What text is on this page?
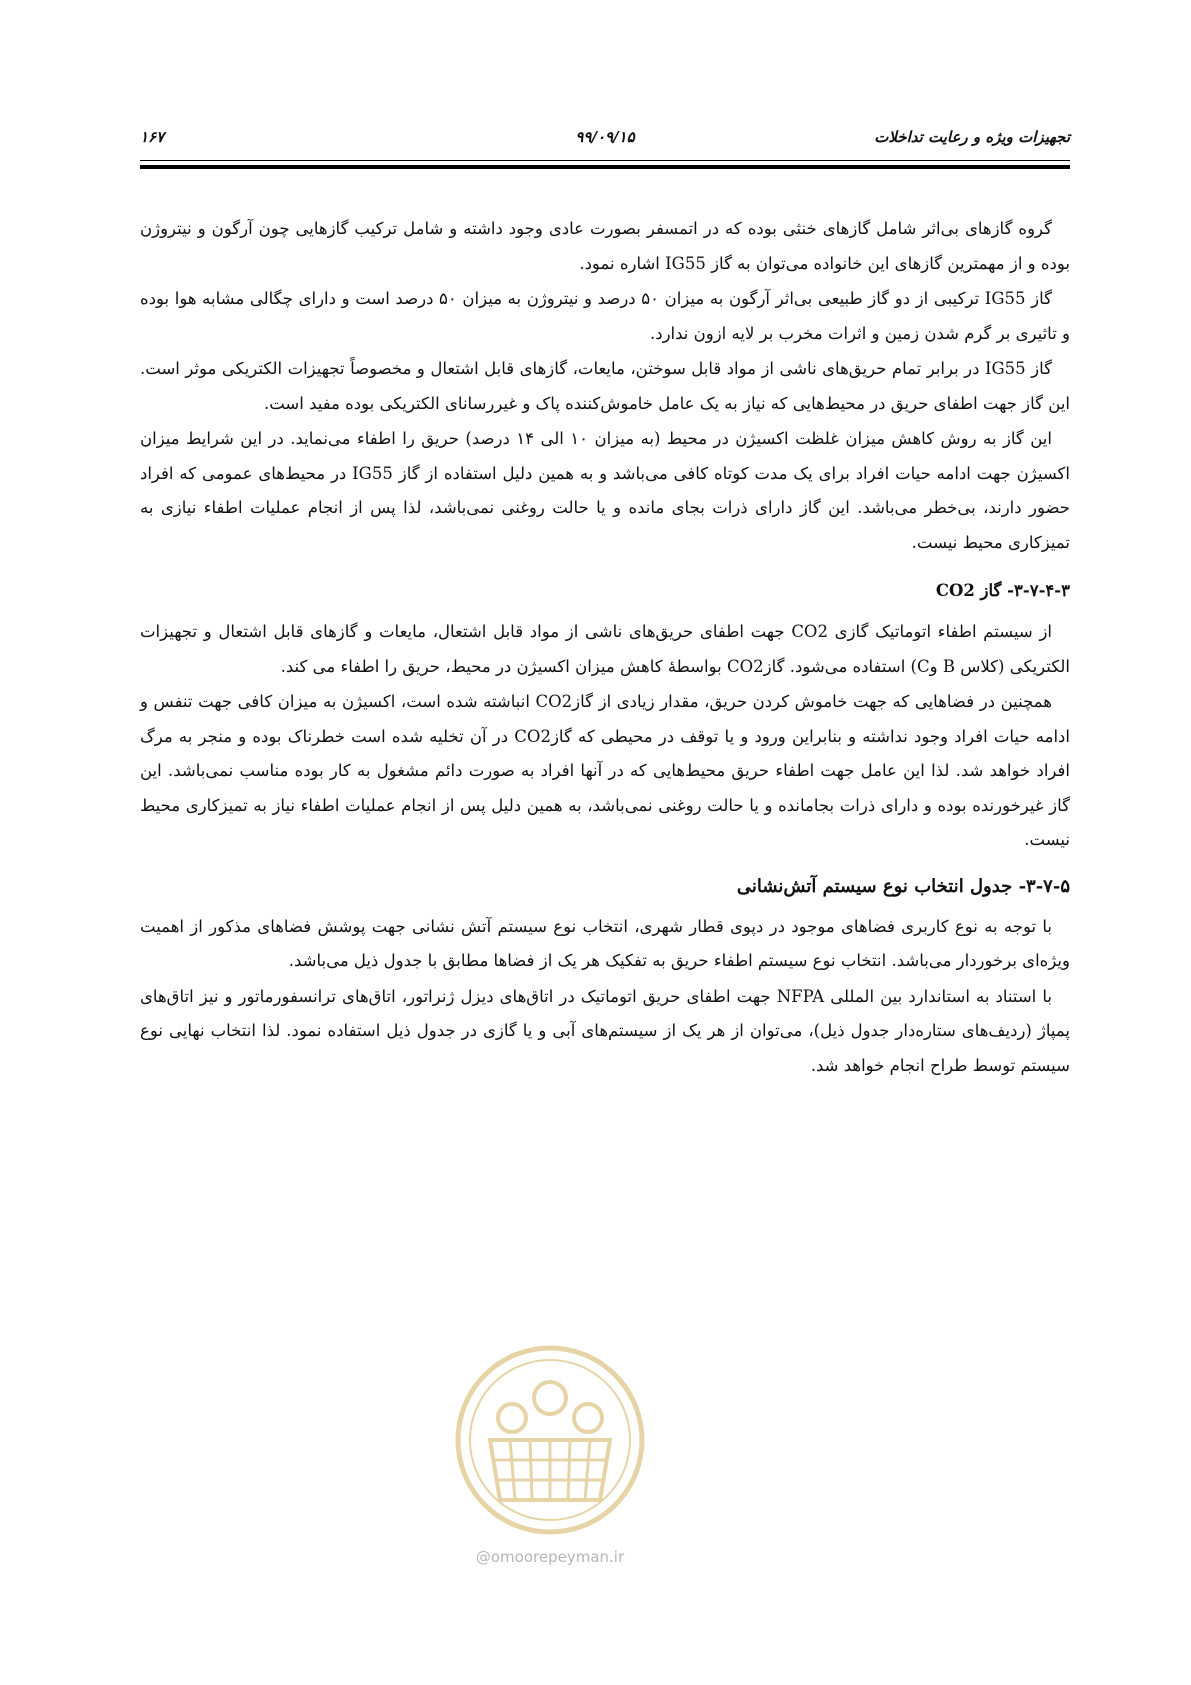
تجهیزات ویژه و رعایت تداخلات
۹۹/۰۹/۱۵
۱۶۷

گروه گازهای بی‌اثر شامل گازهای خنثی بوده که در اتمسفر بصورت عادی وجود داشته و شامل ترکیب گازهایی چون آرگون و نیتروژن بوده و از مهمترین گازهای این خانواده می‌توان به گاز IG55 اشاره نمود.

گاز IG55 ترکیبی از دو گاز طبیعی بی‌اثر آرگون به میزان ۵۰ درصد و نیتروژن به میزان ۵۰ درصد است و دارای چگالی مشابه هوا بوده و تاثیری بر گرم شدن زمین و اثرات مخرب بر لایه ازون ندارد.

گاز IG55 در برابر تمام حریق‌های ناشی از مواد قابل سوختن، مایعات، گازهای قابل اشتعال و مخصوصاً تجهیزات الکتریکی موثر است. این گاز جهت اطفای حریق در محیط‌هایی که نیاز به یک عامل خاموش‌کننده پاک و غیررسانای الکتریکی بوده مفید است.

این گاز به روش کاهش میزان غلظت اکسیژن در محیط (به میزان ۱۰ الی ۱۴ درصد) حریق را اطفاء می‌نماید. در این شرایط میزان اکسیژن جهت ادامه حیات افراد برای یک مدت کوتاه کافی می‌باشد و به همین دلیل استفاده از گاز IG55 در محیط‌های عمومی که افراد حضور دارند، بی‌خطر می‌باشد. این گاز دارای ذرات بجای مانده و یا حالت روغنی نمی‌باشد، لذا پس از انجام عملیات اطفاء نیازی به تمیزکاری محیط نیست.

۳-۷-۴-۳- گاز CO2

از سیستم اطفاء اتوماتیک گازی CO2 جهت اطفای حریق‌های ناشی از مواد قابل اشتعال، مایعات و گازهای قابل اشتعال و تجهیزات الکتریکی (کلاس B وC) استفاده می‌شود. گازCO2 بواسطهٔ کاهش میزان اکسیژن در محیط، حریق را اطفاء می کند.

همچنین در فضاهایی که جهت خاموش کردن حریق، مقدار زیادی از گازCO2 انباشته شده است، اکسیژن به میزان کافی جهت تنفس و ادامه حیات افراد وجود نداشته و بنابراین ورود و یا توقف در محیطی که گازCO2 در آن تخلیه شده است خطرناک بوده و منجر به مرگ افراد خواهد شد. لذا این عامل جهت اطفاء حریق محیط‌هایی که در آنها افراد به صورت دائم مشغول به کار بوده مناسب نمی‌باشد. این گاز غیرخورنده بوده و دارای ذرات بجامانده و یا حالت روغنی نمی‌باشد، به همین دلیل پس از انجام عملیات اطفاء نیاز به تمیزکاری محیط نیست.

۳-۷-۵- جدول انتخاب نوع سیستم آتش‌نشانی

با توجه به نوع کاربری فضاهای موجود در دپوی قطار شهری، انتخاب نوع سیستم آتش نشانی جهت پوشش فضاهای مذکور از اهمیت ویژه‌ای برخوردار می‌باشد. انتخاب نوع سیستم اطفاء حریق به تفکیک هر یک از فضاها مطابق با جدول ذیل می‌باشد.

با استناد به استاندارد بین المللی NFPA جهت اطفای حریق اتوماتیک در اتاق‌های دیزل ژنراتور، اتاق‌های ترانسفورماتور و نیز اتاق‌های پمپاژ (ردیف‌های ستاره‌دار جدول ذیل)، می‌توان از هر یک از سیستم‌های آبی و یا گازی در جدول ذیل استفاده نمود. لذا انتخاب نهایی نوع سیستم توسط طراح انجام خواهد شد.

@omoorepeyman.ir
